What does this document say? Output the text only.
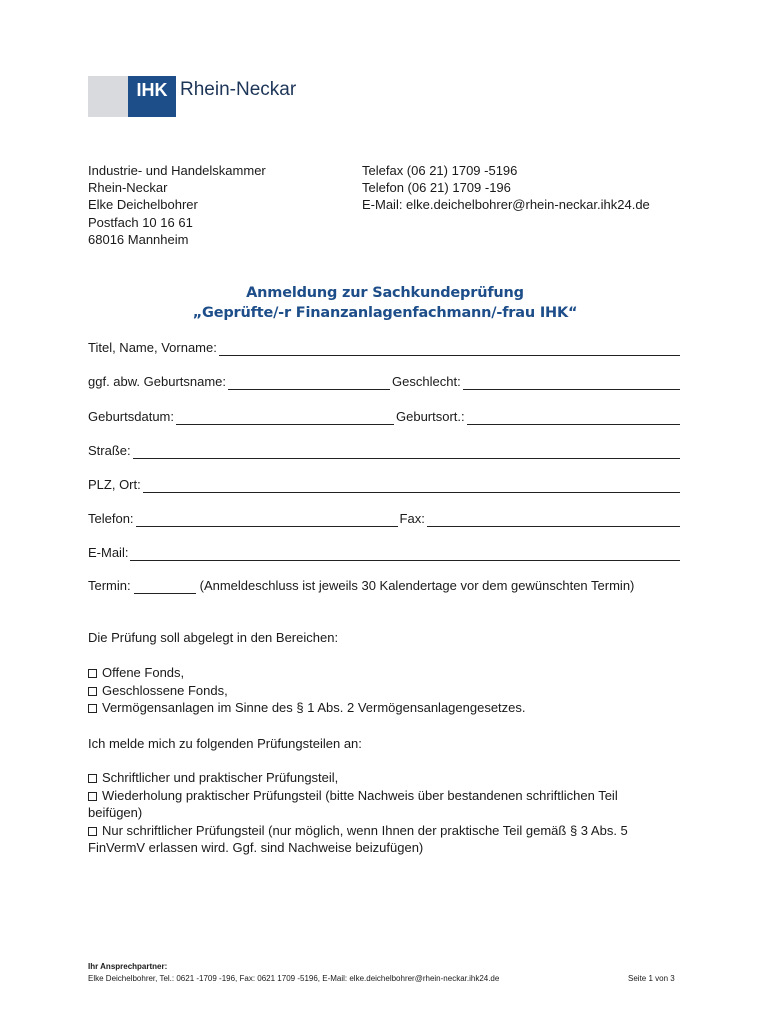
IHK Rhein-Neckar
Industrie- und Handelskammer
Rhein-Neckar
Elke Deichelbohrer
Postfach 10 16 61
68016 Mannheim
Telefax (06 21) 1709 -5196
Telefon (06 21) 1709 -196
E-Mail: elke.deichelbohrer@rhein-neckar.ihk24.de
Anmeldung zur Sachkundeprüfung
„Geprüfte/-r Finanzanlagenfachmann/-frau IHK“
Titel, Name, Vorname:
ggf. abw. Geburtsname:	Geschlecht:
Geburtsdatum:	Geburtsort.:
Straße:
PLZ, Ort:
Telefon:	Fax:
E-Mail:
Termin:	(Anmeldeschluss ist jeweils 30 Kalendertage vor dem gewünschten Termin)
Die Prüfung soll abgelegt in den Bereichen:
Offene Fonds,
Geschlossene Fonds,
Vermögensanlagen im Sinne des § 1 Abs. 2 Vermögensanlagengesetzes.
Ich melde mich zu folgenden Prüfungsteilen an:
Schriftlicher und praktischer Prüfungsteil,
Wiederholung praktischer Prüfungsteil (bitte Nachweis über bestandenen schriftlichen Teil
beifügen)
Nur schriftlicher Prüfungsteil (nur möglich, wenn Ihnen der praktische Teil gemäß § 3 Abs. 5
FinVermV erlassen wird. Ggf. sind Nachweise beizufügen)
Ihr Ansprechpartner:
Elke Deichelbohrer, Tel.: 0621 -1709 -196, Fax: 0621 1709 -5196, E-Mail: elke.deichelbohrer@rhein-neckar.ihk24.de	Seite 1 von 3
